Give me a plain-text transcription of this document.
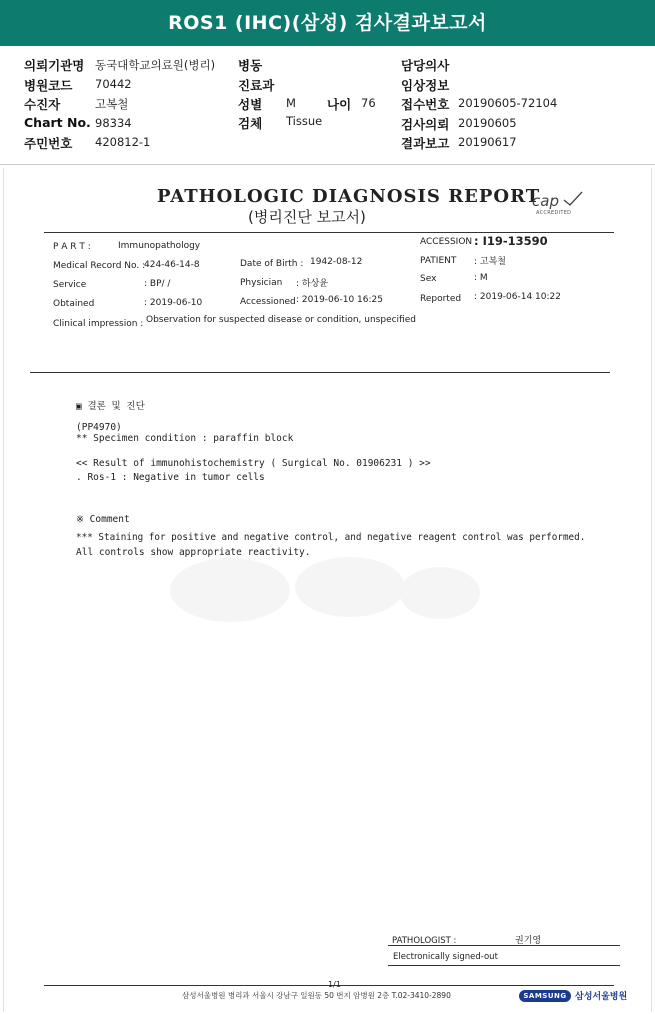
ROS1 (IHC)(삼성) 검사결과보고서
의뢰기관명 동국대학교의료원(병리) 병동	담당의사
병원코드 70442	진료과	임상정보
수진자	고복철	성별 M 나이 76 접수번호 20190605-72104
Chart No. 98334	검체 Tissue	검사의뢰 20190605
주민번호 420812-1	결과보고 20190617
PATHOLOGIC DIAGNOSIS REPORT
(병리진단 보고서)
cap
ACCREDITED
P A R T :	Immunopathology	ACCESSION : I19-13590
Medical Record No. :
424-46-14-8	Date of Birth : 1942-08-12	PATIENT : 고복철
Service	: BP/ /	Physician : 하상윤	Sex	: M
Obtained	: 2019-06-10	Accessioned : 2019-06-10 16:25	Reported : 2019-06-14 10:22
Clinical impression : Observation for suspected disease or condition, unspecified
▣ 결론 및 진단
(PP4970)
** Specimen condition : paraffin block
<< Result of immunohistochemistry ( Surgical No. 01906231 ) >>
. Ros-1 : Negative in tumor cells
※ Comment
*** Staining for positive and negative control, and negative reagent control was performed.
All controls show appropriate reactivity.
PATHOLOGIST :	권기영
Electronically signed-out
1/1
삼성서울병원 병리과 서울시 강남구 일원동 50 번지 암병원 2층 T.02-3410-2890	SAMSUNG 삼성서울병원
